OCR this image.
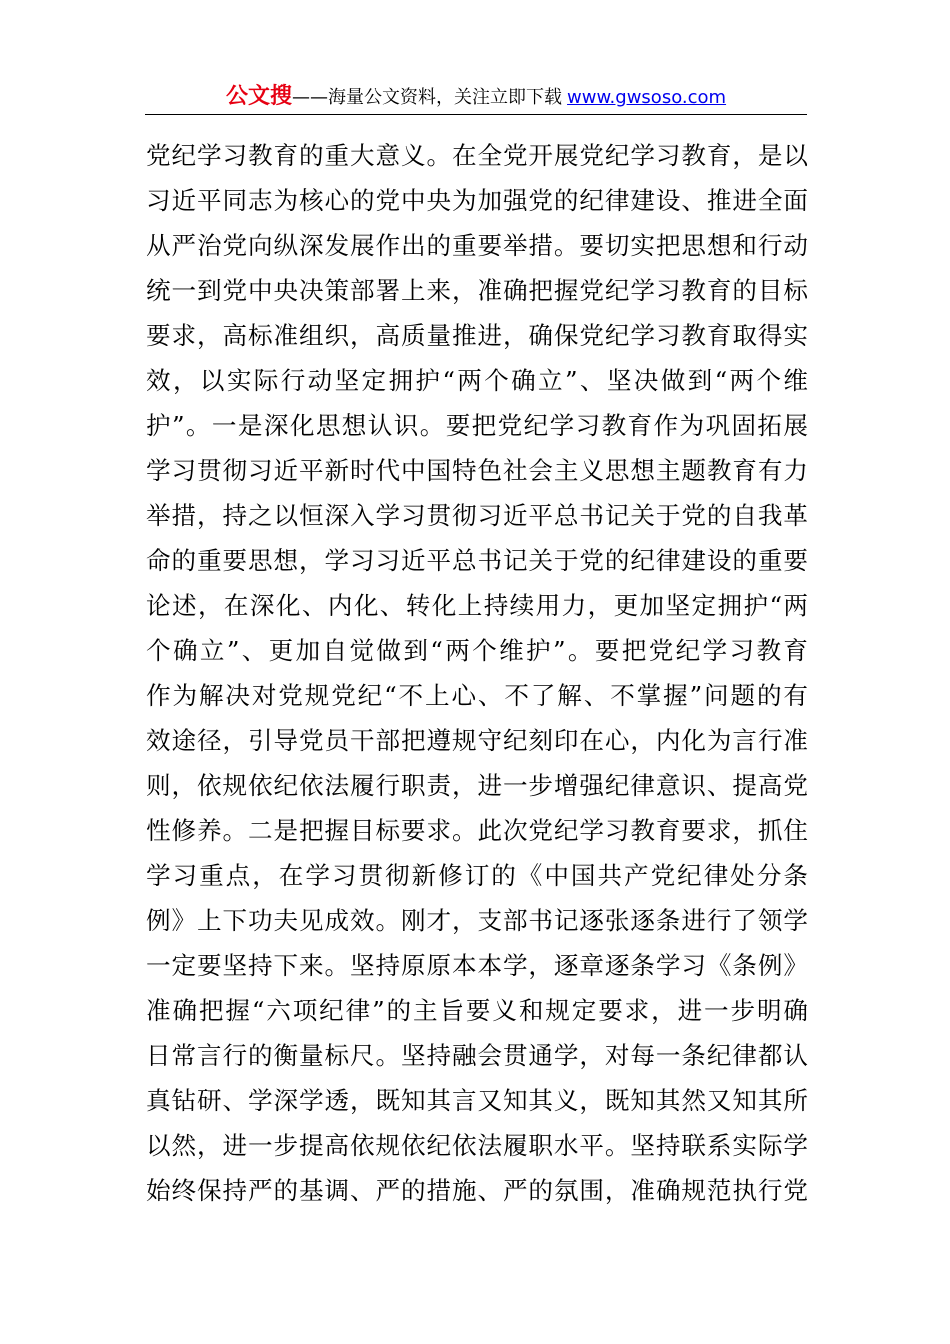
公文搜——海量公文资料，关注立即下载 www.gwsoso.com
党纪学习教育的重大意义。在全党开展党纪学习教育，是以
习近平同志为核心的党中央为加强党的纪律建设、推进全面
从严治党向纵深发展作出的重要举措。要切实把思想和行动
统一到党中央决策部署上来，准确把握党纪学习教育的目标
要求，高标准组织，高质量推进，确保党纪学习教育取得实
效，以实际行动坚定拥护“两个确立”、坚决做到“两个维
护”。一是深化思想认识。要把党纪学习教育作为巩固拓展
学习贯彻习近平新时代中国特色社会主义思想主题教育有力
举措，持之以恒深入学习贯彻习近平总书记关于党的自我革
命的重要思想，学习习近平总书记关于党的纪律建设的重要
论述，在深化、内化、转化上持续用力，更加坚定拥护“两
个确立”、更加自觉做到“两个维护”。要把党纪学习教育
作为解决对党规党纪“不上心、不了解、不掌握”问题的有
效途径，引导党员干部把遵规守纪刻印在心，内化为言行准
则，依规依纪依法履行职责，进一步增强纪律意识、提高党
性修养。二是把握目标要求。此次党纪学习教育要求，抓住
学习重点，在学习贯彻新修订的《中国共产党纪律处分条
例》上下功夫见成效。刚才，支部书记逐张逐条进行了领学
一定要坚持下来。坚持原原本本学，逐章逐条学习《条例》
准确把握“六项纪律”的主旨要义和规定要求，进一步明确
日常言行的衡量标尺。坚持融会贯通学，对每一条纪律都认
真钻研、学深学透，既知其言又知其义，既知其然又知其所
以然，进一步提高依规依纪依法履职水平。坚持联系实际学
始终保持严的基调、严的措施、严的氛围，准确规范执行党
